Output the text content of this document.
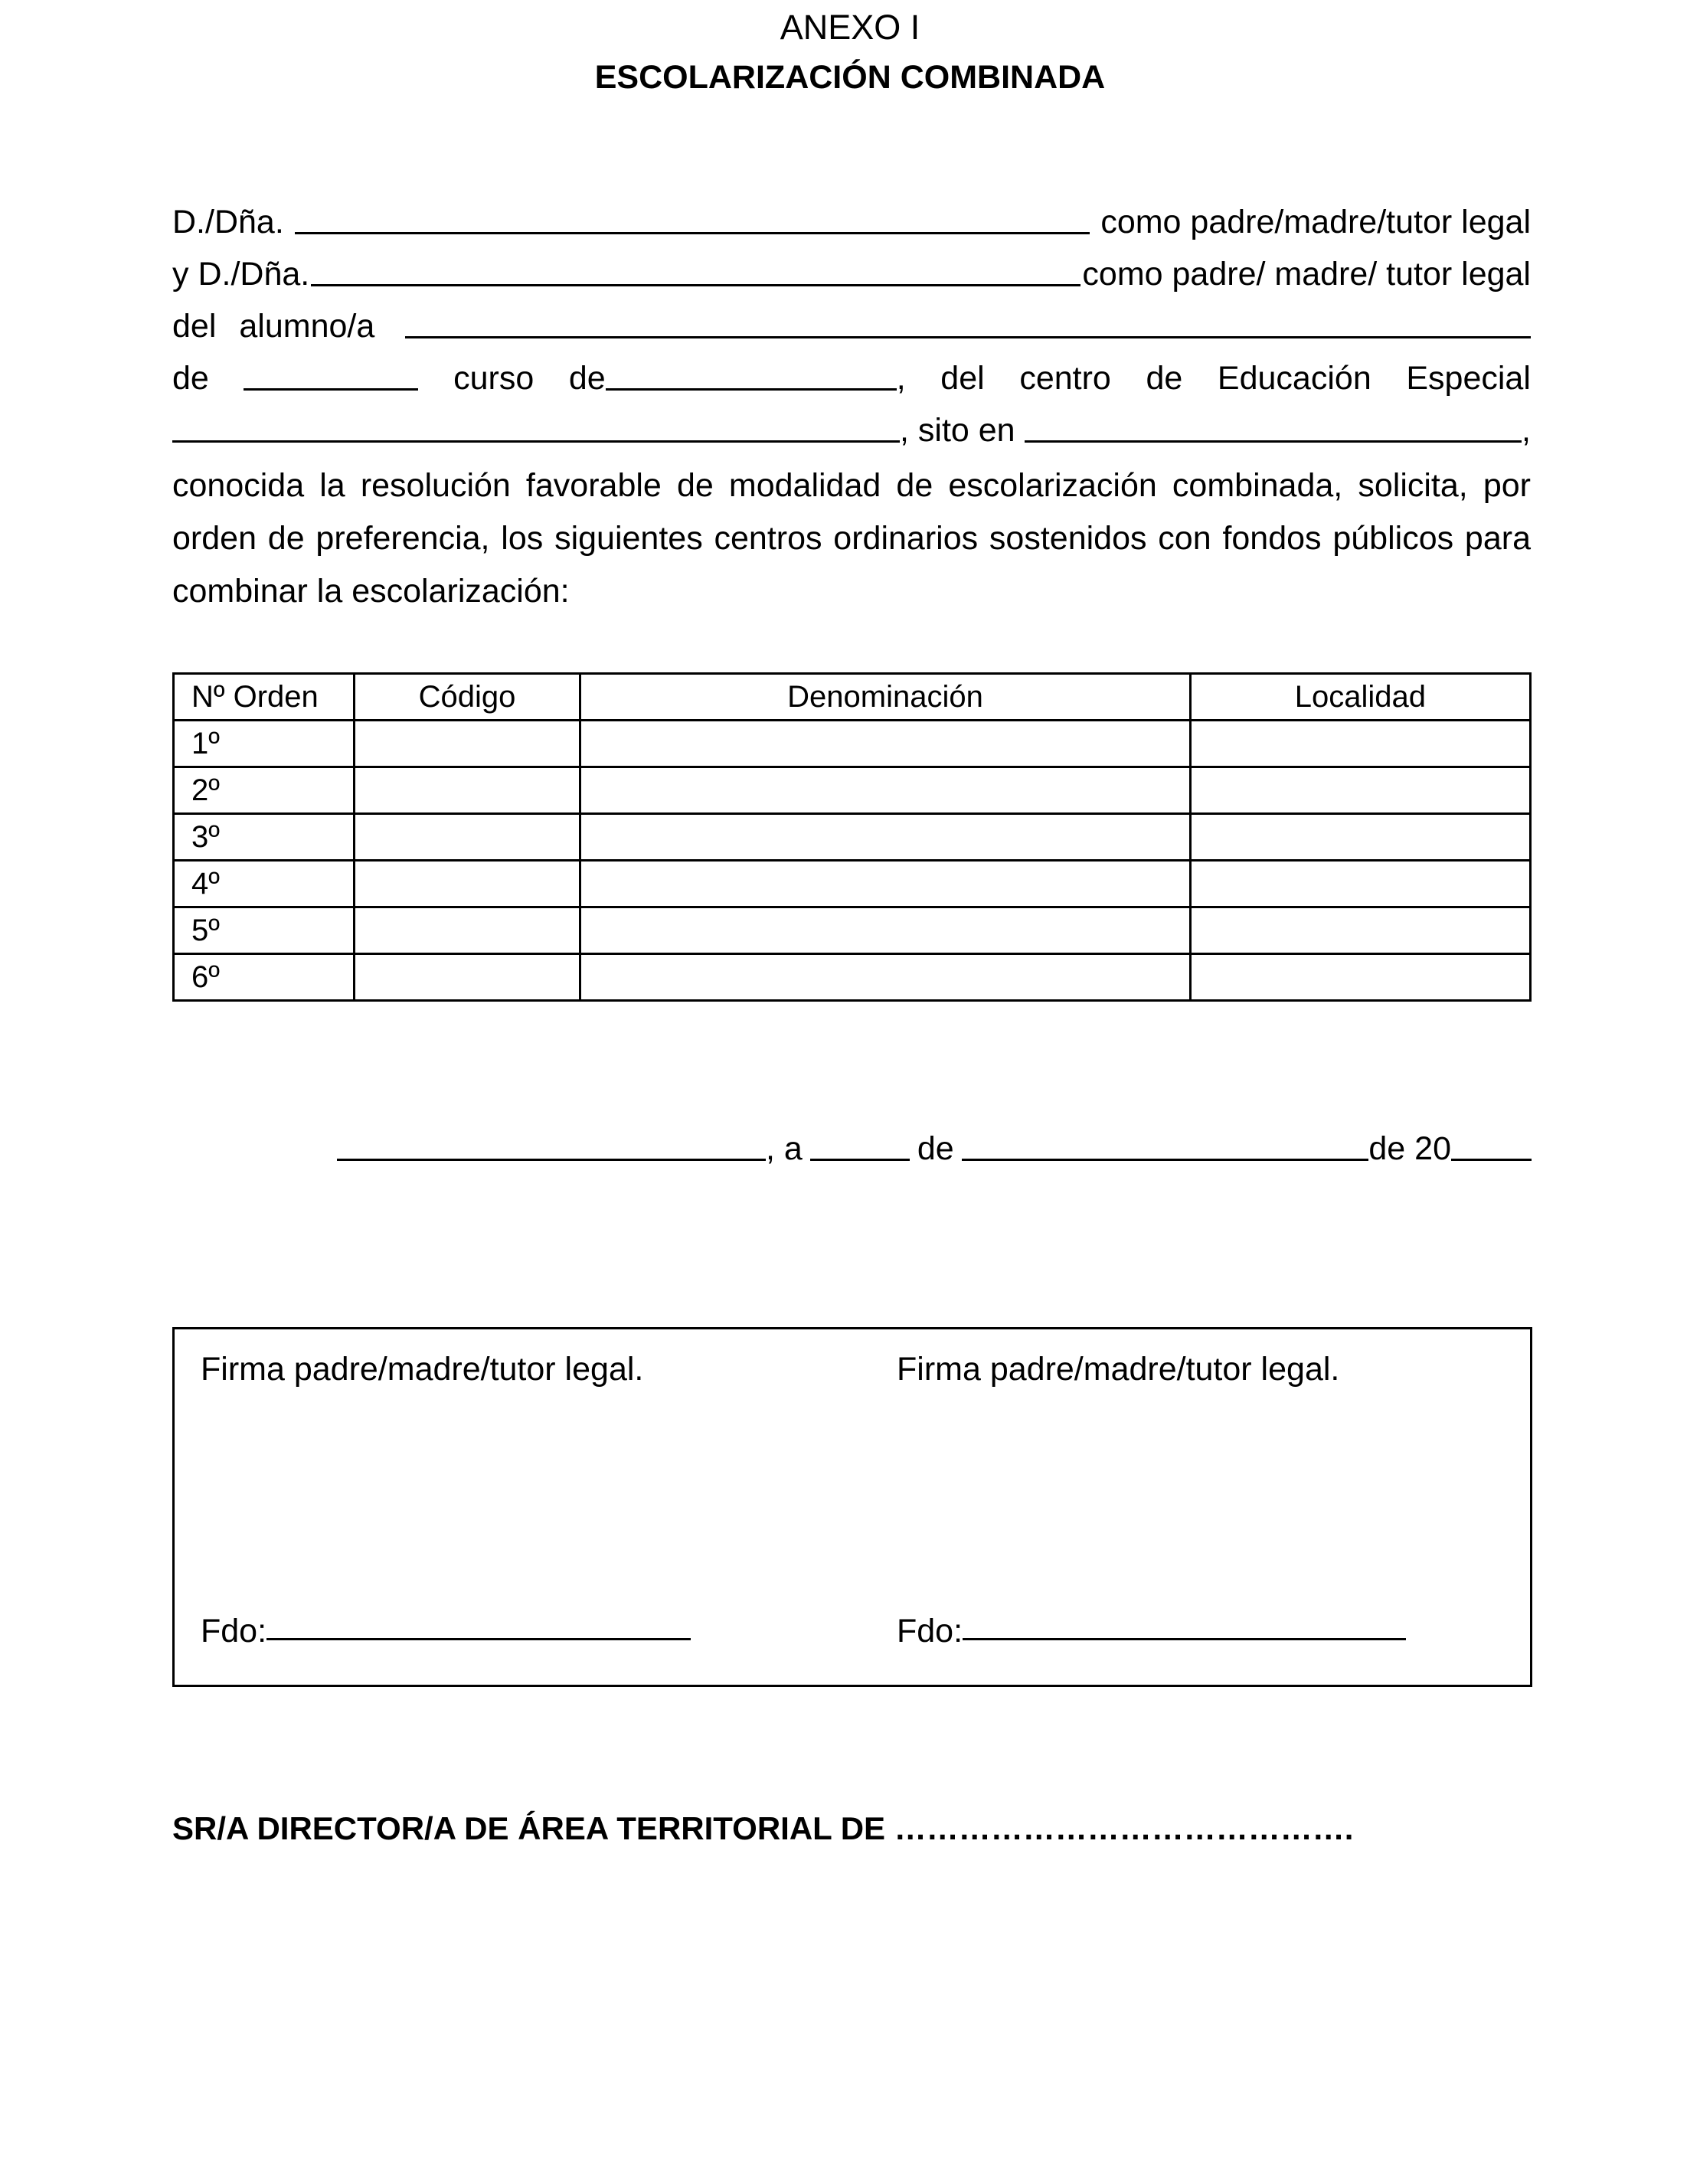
ANEXO I
ESCOLARIZACIÓN COMBINADA
D./Dña.	como padre/madre/tutor legal
y D./Dña.	como padre/ madre/ tutor legal
del alumno/a
de	curso de	, del centro de Educación Especial
, sito en	,
conocida la resolución favorable de modalidad de escolarización combinada, solicita, por orden de preferencia, los siguientes centros ordinarios sostenidos con fondos públicos para combinar la escolarización:
Nº Orden	Código	Denominación	Localidad
1º			
2º			
3º			
4º			
5º			
6º			
, a	de	de 20
Firma padre/madre/tutor legal.	Firma padre/madre/tutor legal.
Fdo:	Fdo:
SR/A DIRECTOR/A DE ÁREA TERRITORIAL DE …………………………………….
